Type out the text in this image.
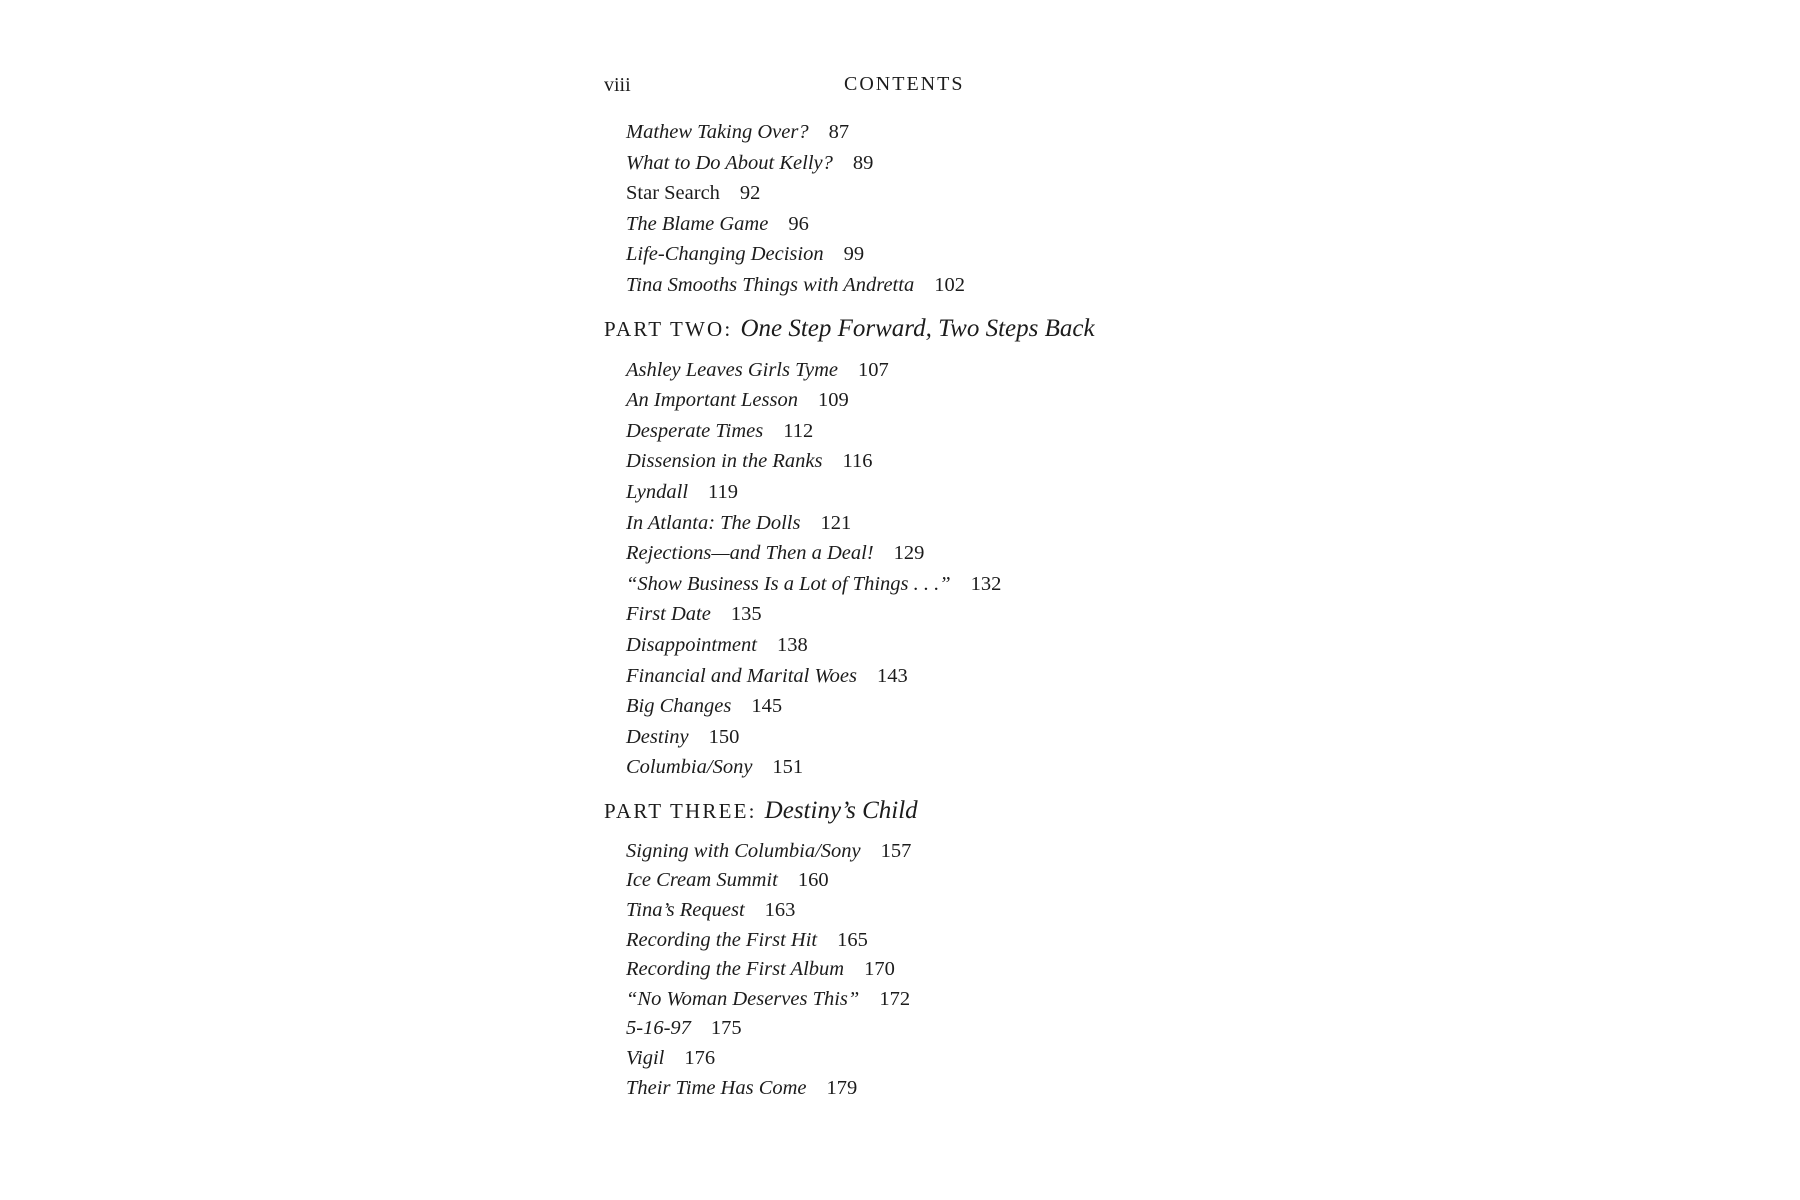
viii	CONTENTS
Mathew Taking Over? 87
What to Do About Kelly? 89
Star Search 92
The Blame Game 96
Life-Changing Decision 99
Tina Smooths Things with Andretta 102
PART TWO: One Step Forward, Two Steps Back
Ashley Leaves Girls Tyme 107
An Important Lesson 109
Desperate Times 112
Dissension in the Ranks 116
Lyndall 119
In Atlanta: The Dolls 121
Rejections—and Then a Deal! 129
“Show Business Is a Lot of Things . . .” 132
First Date 135
Disappointment 138
Financial and Marital Woes 143
Big Changes 145
Destiny 150
Columbia/Sony 151
PART THREE: Destiny’s Child
Signing with Columbia/Sony 157
Ice Cream Summit 160
Tina’s Request 163
Recording the First Hit 165
Recording the First Album 170
“No Woman Deserves This” 172
5-16-97 175
Vigil 176
Their Time Has Come 179
